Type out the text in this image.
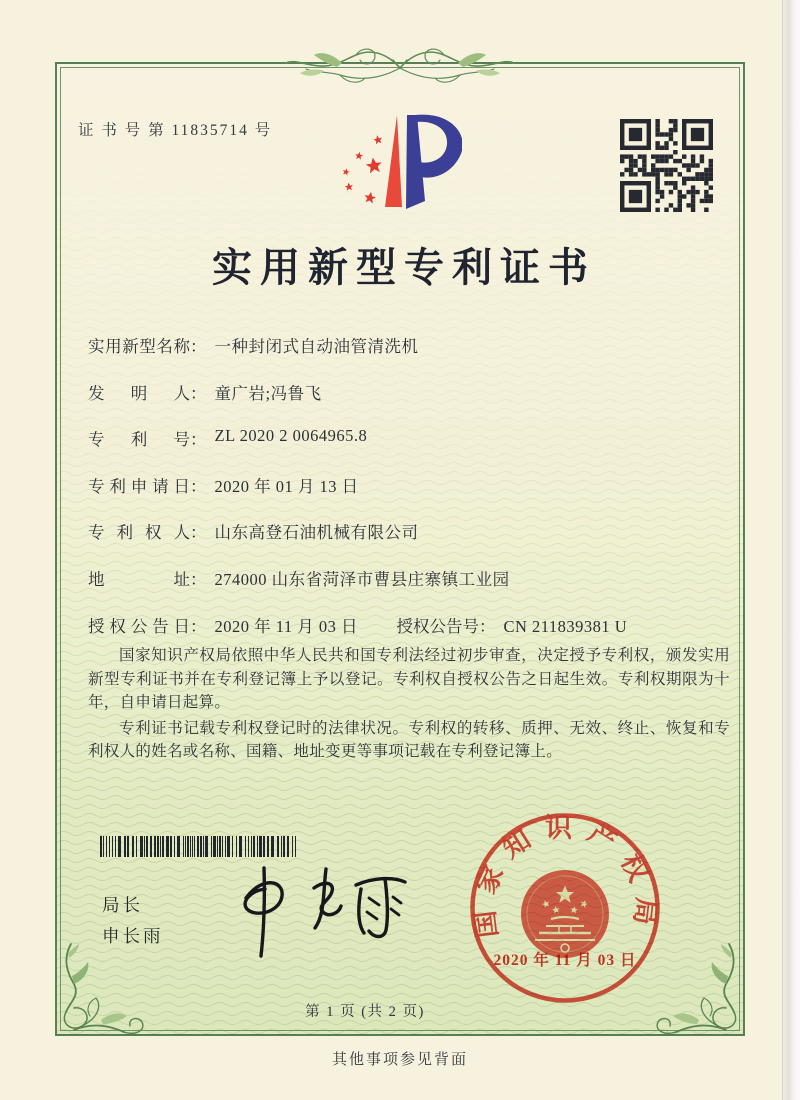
证 书 号 第 11835714 号
实用新型专利证书
实用新型名称： 一种封闭式自动油管清洗机
发明人： 童广岩;冯鲁飞
专利号： ZL 2020 2 0064965.8
专利申请日： 2020 年 01 月 13 日
专利权人： 山东高登石油机械有限公司
地址： 274000 山东省菏泽市曹县庄寨镇工业园
授权公告日： 2020 年 11 月 03 日 授权公告号： CN 211839381 U

国家知识产权局依照中华人民共和国专利法经过初步审查，决定授予专利权，颁发实用新型专利证书并在专利登记簿上予以登记。专利权自授权公告之日起生效。专利权期限为十年，自申请日起算。

专利证书记载专利权登记时的法律状况。专利权的转移、质押、无效、终止、恢复和专利权人的姓名或名称、国籍、地址变更等事项记载在专利登记簿上。

国家知识产权局
2020 年 11 月 03 日
局长
申长雨
第 1 页 (共 2 页)
其他事项参见背面
